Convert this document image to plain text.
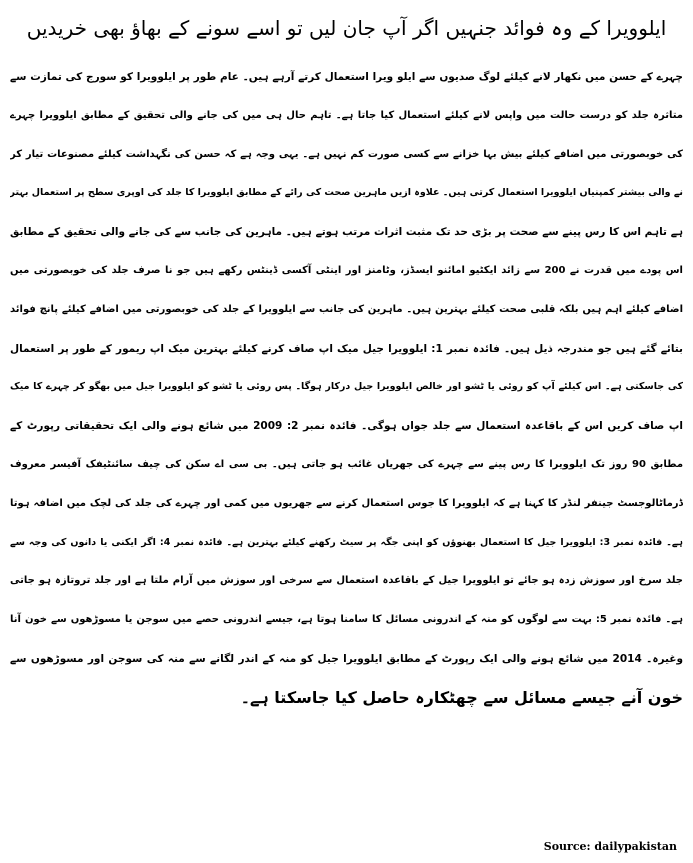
ایلوویرا کے وہ فوائد جنہیں اگر آپ جان لیں تو اسے سونے کے بھاؤ بھی خریدیں
چہرے کے حسن میں نکھار لانے کیلئے لوگ صدیوں سے ایلو ویرا استعمال کرتے آرہے ہیں۔ عام طور پر ایلوویرا کو سورج کی تمازت سے
متاثرہ جلد کو درست حالت میں واپس لانے کیلئے استعمال کیا جاتا ہے۔ تاہم حال ہی میں کی جانے والی تحقیق کے مطابق ایلوویرا چہرے
کی خوبصورتی میں اضافے کیلئے بیش بہا خزانے سے کسی صورت کم نہیں ہے۔ یہی وجہ ہے کہ حسن کی نگہداشت کیلئے مصنوعات تیار کر
نے والی بیشتر کمپنیاں ایلوویرا استعمال کرتی ہیں۔ علاوہ ازیں ماہرین صحت کی رائے کے مطابق ایلوویرا کا جلد کی اوپری سطح پر استعمال بہتر
ہے تاہم اس کا رس پینے سے صحت پر بڑی حد تک مثبت اثرات مرتب ہوتے ہیں۔ ماہرین کی جانب سے کی جانے والی تحقیق کے مطابق
اس پودے میں قدرت نے 200 سے زائد ایکٹیو امائنو ایسڈز، وٹامنز اور اینٹی آکسی ڈینٹس رکھے ہیں جو نا صرف جلد کی خوبصورتی میں
اضافے کیلئے اہم ہیں بلکہ قلبی صحت کیلئے بہترین ہیں۔ ماہرین کی جانب سے ایلوویرا کے جلد کی خوبصورتی میں اضافے کیلئے پانچ فوائد
بتائے گئے ہیں جو مندرجہ ذیل ہیں۔ فائدہ نمبر 1: ایلوویرا جیل میک اپ صاف کرنے کیلئے بہترین میک اپ ریمور کے طور پر استعمال
کی جاسکتی ہے۔ اس کیلئے آپ کو روئی یا ٹشو اور خالص ایلوویرا جیل درکار ہوگا۔ پس روئی یا ٹشو کو ایلوویرا جیل میں بھگو کر چہرے کا میک
اپ صاف کریں اس کے باقاعدہ استعمال سے جلد جواں ہوگی۔ فائدہ نمبر 2: 2009 میں شائع ہونے والی ایک تحقیقاتی رپورٹ کے
مطابق 90 روز تک ایلوویرا کا رس پینے سے چہرے کی جھریاں غائب ہو جاتی ہیں۔ بی سی اے سکن کی چیف سائنٹیفک آفیسر معروف
ڈرماٹالوجسٹ جینفر لنڈر کا کہنا ہے کہ ایلوویرا کا جوس استعمال کرنے سے جھریوں میں کمی اور چہرے کی جلد کی لچک میں اضافہ ہوتا
ہے۔ فائدہ نمبر 3: ایلوویرا جیل کا استعمال بھنوؤں کو اپنی جگہ پر سیٹ رکھنے کیلئے بہترین ہے۔ فائدہ نمبر 4: اگر ایکنی یا دانوں کی وجہ سے
جلد سرخ اور سوزش زدہ ہو جائے تو ایلوویرا جیل کے باقاعدہ استعمال سے سرخی اور سوزش میں آرام ملتا ہے اور جلد تروتازہ ہو جاتی
ہے۔ فائدہ نمبر 5: بہت سے لوگوں کو منہ کے اندرونی مسائل کا سامنا ہوتا ہے، جیسے اندرونی حصے میں سوجن یا مسوڑھوں سے خون آنا
وغیرہ۔ 2014 میں شائع ہونے والی ایک رپورٹ کے مطابق ایلوویرا جیل کو منہ کے اندر لگانے سے منہ کی سوجن اور مسوڑھوں سے
خون آنے جیسے مسائل سے چھٹکارہ حاصل کیا جاسکتا ہے۔
Source: dailypakistan
